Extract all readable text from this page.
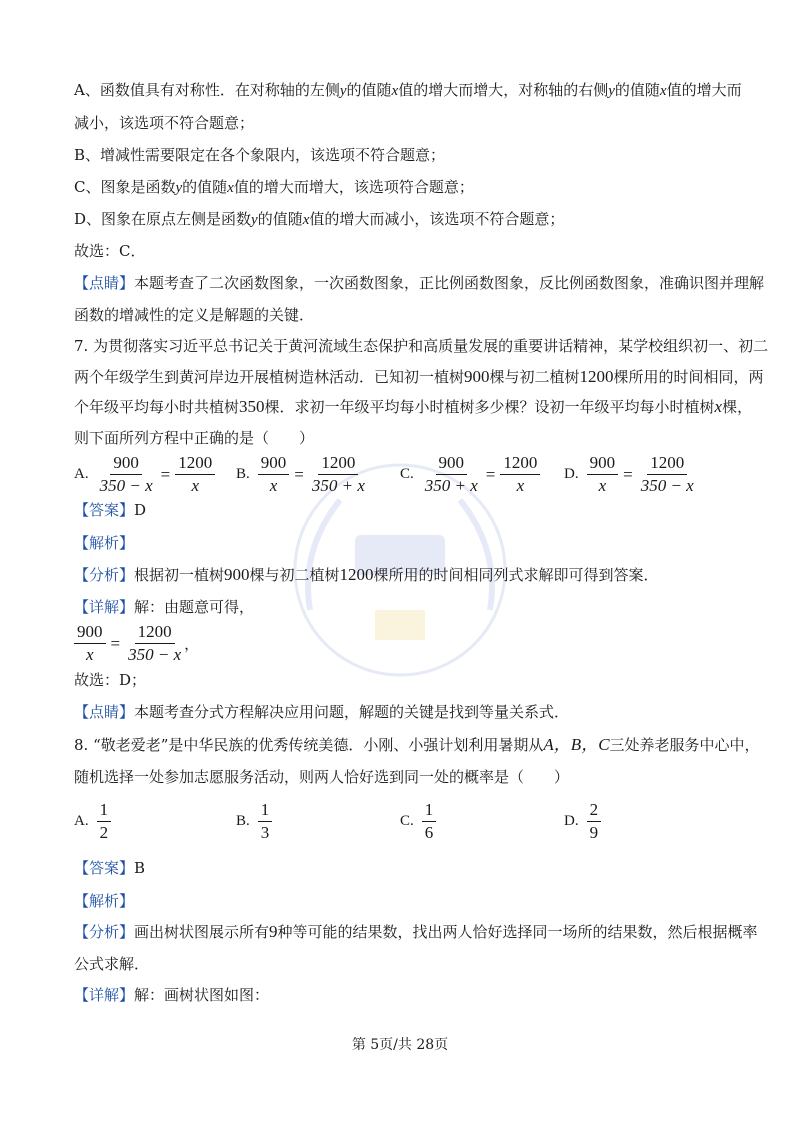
A、函数值具有对称性．在对称轴的左侧y的值随x值的增大而增大，对称轴的右侧y的值随x值的增大而
减小，该选项不符合题意；
B、增减性需要限定在各个象限内，该选项不符合题意；
C、图象是函数y的值随x值的增大而增大，该选项符合题意；
D、图象在原点左侧是函数y的值随x值的增大而减小，该选项不符合题意；
故选：C．
【点睛】本题考查了二次函数图象，一次函数图象，正比例函数图象，反比例函数图象，准确识图并理解
函数的增减性的定义是解题的关键．
7. 为贯彻落实习近平总书记关于黄河流域生态保护和高质量发展的重要讲话精神，某学校组织初一、初二
两个年级学生到黄河岸边开展植树造林活动．已知初一植树900棵与初二植树1200棵所用的时间相同，两
个年级平均每小时共植树350棵．求初一年级平均每小时植树多少棵？设初一年级平均每小时植树x棵，
则下面所列方程中正确的是（　　）
A. $\frac{900}{350 - x} = \frac{1200}{x} B$. $\frac{900}{x} = \frac{1200}{350 + x} C$. $\frac{900}{350 + x} = \frac{1200}{x} D$. $\frac{900}{x} = \frac{1200}{350 - x}$
【答案】D
【解析】
【分析】根据初一植树900棵与初二植树1200棵所用的时间相同列式求解即可得到答案．
【详解】解：由题意可得，
$\frac{900}{x} = \frac{1200}{350 - x}$ ，
故选：D；
【点睛】本题考查分式方程解决应用问题，解题的关键是找到等量关系式．
8. “敬老爱老”是中华民族的优秀传统美德．小刚、小强计划利用暑期从A，B，C三处养老服务中心中，
随机选择一处参加志愿服务活动，则两人恰好选到同一处的概率是（　　）
A. $\frac{1}{2}$	B. $\frac{1}{3}$	C. $\frac{1}{6}$	D. $\frac{2}{9}$
【答案】B
【解析】
【分析】画出树状图展示所有9种等可能的结果数，找出两人恰好选择同一场所的结果数，然后根据概率
公式求解．
【详解】解：画树状图如图：
第 5页/共 28页
